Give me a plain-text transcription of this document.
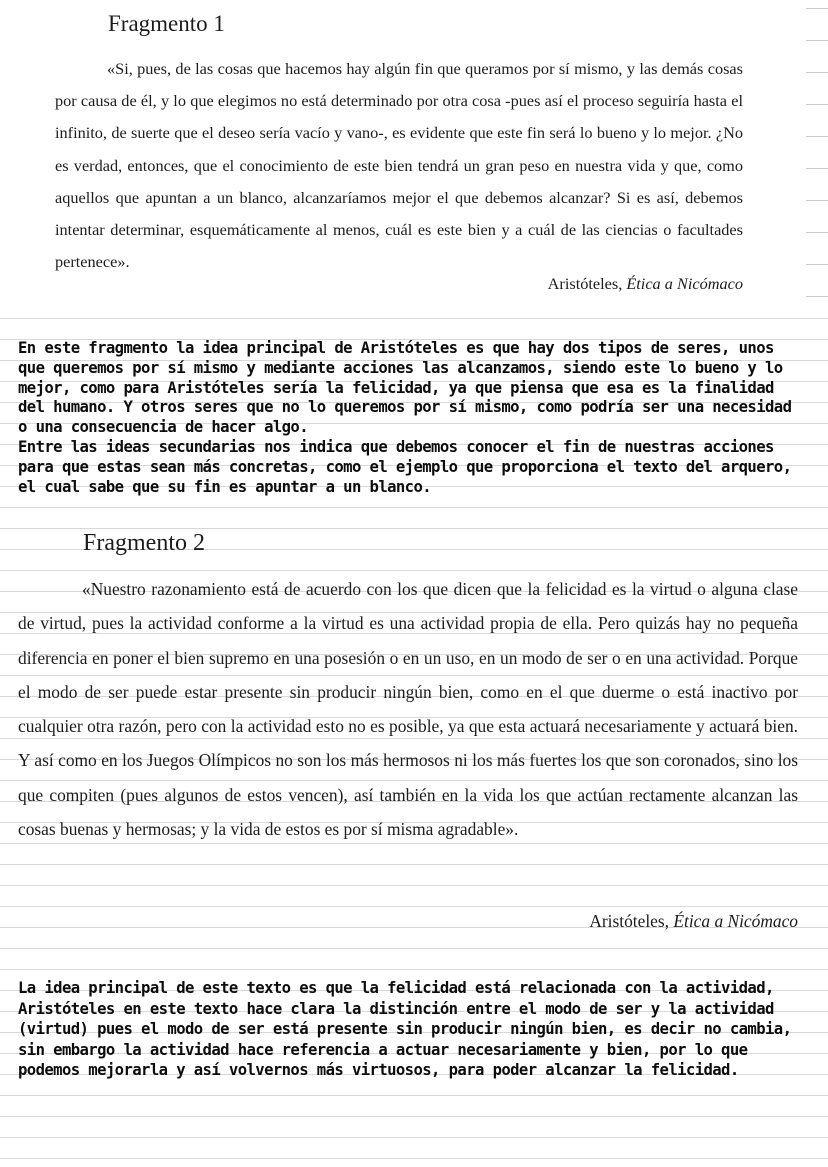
Fragmento 1

«Si, pues, de las cosas que hacemos hay algún fin que queramos por sí mismo, y las demás cosas por causa de él, y lo que elegimos no está determinado por otra cosa -pues así el proceso seguiría hasta el infinito, de suerte que el deseo sería vacío y vano-, es evidente que este fin será lo bueno y lo mejor. ¿No es verdad, entonces, que el conocimiento de este bien tendrá un gran peso en nuestra vida y que, como aquellos que apuntan a un blanco, alcanzaríamos mejor el que debemos alcanzar? Si es así, debemos intentar determinar, esquemáticamente al menos, cuál es este bien y a cuál de las ciencias o facultades pertenece».

Aristóteles, Ética a Nicómaco

En este fragmento la idea principal de Aristóteles es que hay dos tipos de seres, unos que queremos por sí mismo y mediante acciones las alcanzamos, siendo este lo bueno y lo mejor, como para Aristóteles sería la felicidad, ya que piensa que esa es la finalidad del humano. Y otros seres que no lo queremos por sí mismo, como podría ser una necesidad o una consecuencia de hacer algo.

Entre las ideas secundarias nos indica que debemos conocer el fin de nuestras acciones para que estas sean más concretas, como el ejemplo que proporciona el texto del arquero, el cual sabe que su fin es apuntar a un blanco.

Fragmento 2

«Nuestro razonamiento está de acuerdo con los que dicen que la felicidad es la virtud o alguna clase de virtud, pues la actividad conforme a la virtud es una actividad propia de ella. Pero quizás hay no pequeña diferencia en poner el bien supremo en una posesión o en un uso, en un modo de ser o en una actividad. Porque el modo de ser puede estar presente sin producir ningún bien, como en el que duerme o está inactivo por cualquier otra razón, pero con la actividad esto no es posible, ya que esta actuará necesariamente y actuará bien. Y así como en los Juegos Olímpicos no son los más hermosos ni los más fuertes los que son coronados, sino los que compiten (pues algunos de estos vencen), así también en la vida los que actúan rectamente alcanzan las cosas buenas y hermosas; y la vida de estos es por sí misma agradable».

Aristóteles, Ética a Nicómaco

La idea principal de este texto es que la felicidad está relacionada con la actividad, Aristóteles en este texto hace clara la distinción entre el modo de ser y la actividad (virtud) pues el modo de ser está presente sin producir ningún bien, es decir no cambia, sin embargo la actividad hace referencia a actuar necesariamente y bien, por lo que podemos mejorarla y así volvernos más virtuosos, para poder alcanzar la felicidad.
